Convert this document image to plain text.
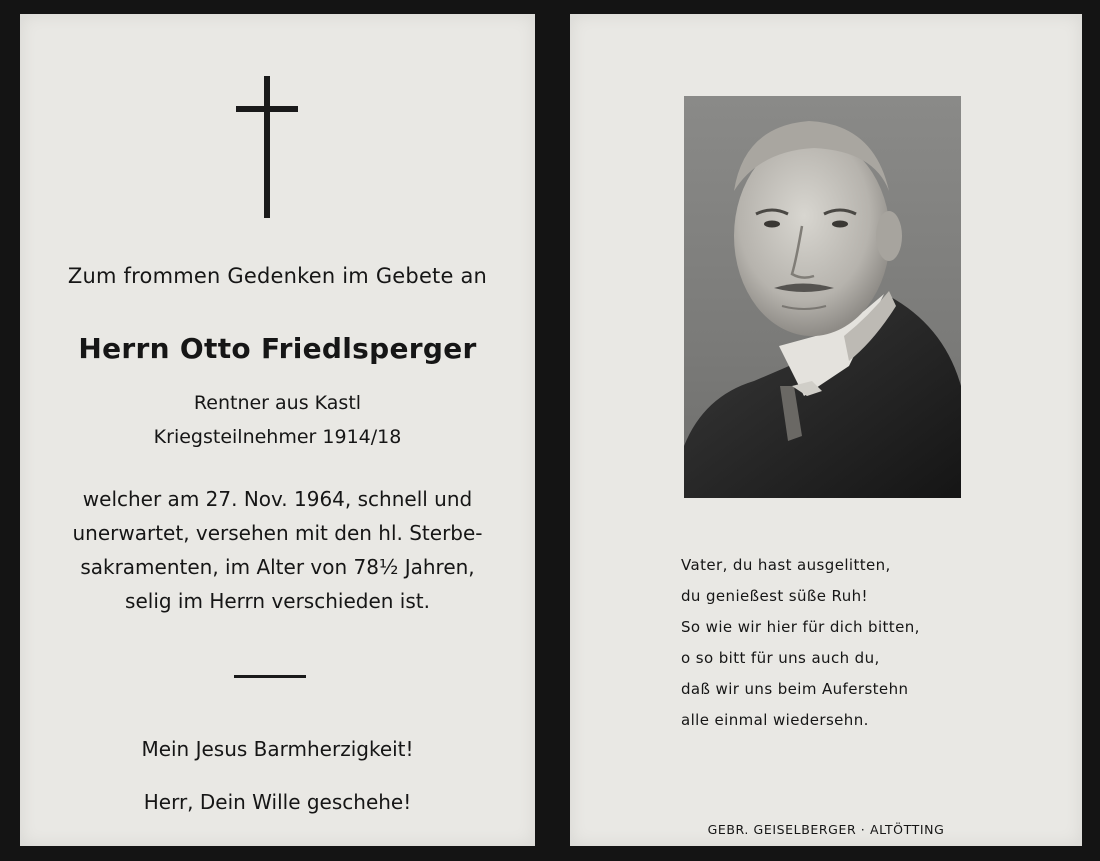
Zum frommen Gedenken im Gebete an
Herrn Otto Friedlsperger
Rentner aus Kastl
Kriegsteilnehmer 1914/18
welcher am 27. Nov. 1964, schnell und
unerwartet, versehen mit den hl. Sterbe-
sakramenten, im Alter von 78½ Jahren,
selig im Herrn verschieden ist.
Mein Jesus Barmherzigkeit!
Herr, Dein Wille geschehe!
Vater, du hast ausgelitten,
du genießest süße Ruh!
So wie wir hier für dich bitten,
o so bitt für uns auch du,
daß wir uns beim Auferstehn
alle einmal wiedersehn.
GEBR. GEISELBERGER · ALTÖTTING
